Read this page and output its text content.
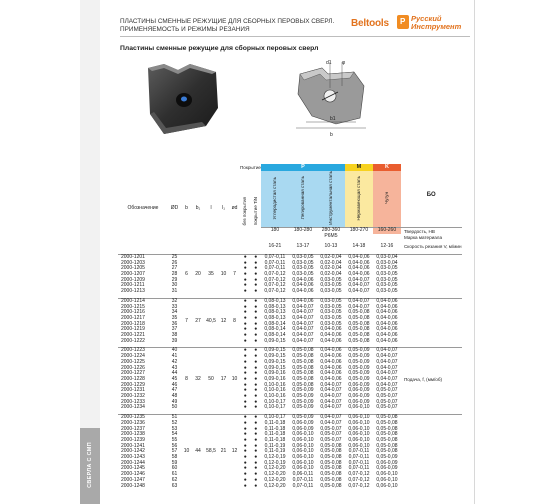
ПЛАСТИНЫ СМЕННЫЕ РЕЖУЩИЕ ДЛЯ СБОРНЫХ ПЕРОВЫХ СВЕРЛ.
ПРИМЕНЯЕМОСТЬ И РЕЖИМЫ РЕЗАНИЯ
Beltools Р Русский
Инструмент
Пластины сменные режущие для сборных перовых сверл
d1 φ
b1
b
Обозначение	ØD	b	b₁	l	l₁	ød	Покрытие		P			M	K	БО
							без покрытия	покрытие TiN	Углеродистая сталь	Легированная сталь	Инструментальная сталь	Нержавеющая сталь	Чугун	
									180	180-280	280-360	180-270	160-260	Твердость, НВ
									Р6М5					Марка материала
									16-21	13-17	10-13	14-18	12-16	Скорость резания V, м/мин
2000-1201	25	6	20	35	10	7	●	●	0,07-0,11	0,03-0,05	0,02-0,04	0,04-0,06	0,03-0,04	
2000-1203	26						●	●	0,07-0,11	0,03-0,05	0,02-0,04	0,04-0,06	0,03-0,04	
2000-1205	27						●	●	0,07-0,11	0,03-0,05	0,02-0,04	0,04-0,06	0,03-0,05	
2000-1207	28						●	●	0,07-0,12	0,03-0,05	0,02-0,04	0,04-0,06	0,03-0,05	
2000-1209	29						●	●	0,07-0,12	0,04-0,06	0,03-0,05	0,04-0,07	0,03-0,05	
2000-1211	30						●	●	0,07-0,12	0,04-0,06	0,03-0,05	0,04-0,07	0,03-0,05	
2000-1213	31						●	●	0,07-0,12	0,04-0,06	0,03-0,05	0,04-0,07	0,03-0,05	

2000-1214	32	7	27	40,5	12	8	●	●	0,08-0,13	0,04-0,06	0,03-0,05	0,04-0,07	0,04-0,06	
2000-1215	33						●	●	0,08-0,13	0,04-0,07	0,03-0,05	0,04-0,07	0,04-0,06	
2000-1216	34						●	●	0,08-0,13	0,04-0,07	0,03-0,05	0,05-0,08	0,04-0,06	
2000-1217	35						●	●	0,08-0,13	0,04-0,07	0,03-0,05	0,05-0,08	0,04-0,06	
2000-1218	36						●	●	0,08-0,14	0,04-0,07	0,03-0,05	0,05-0,08	0,04-0,06	
2000-1219	37						●	●	0,08-0,14	0,04-0,07	0,04-0,06	0,05-0,08	0,04-0,06	
2000-1221	38						●	●	0,08-0,14	0,04-0,07	0,04-0,06	0,05-0,08	0,04-0,06	
2000-1222	39						●	●	0,09-0,15	0,04-0,07	0,04-0,06	0,05-0,08	0,04-0,06	

2000-1223	40	8	32	50	17	10	●	●	0,09-0,15	0,05-0,08	0,04-0,06	0,05-0,09	0,04-0,07	Подача, f, (мм/об)
2000-1224	41						●	●	0,09-0,15	0,05-0,08	0,04-0,06	0,05-0,09	0,04-0,07	
2000-1225	42						●	●	0,09-0,15	0,05-0,08	0,04-0,06	0,05-0,09	0,04-0,07	
2000-1226	43						●	●	0,09-0,15	0,05-0,08	0,04-0,06	0,05-0,09	0,04-0,07	
2000-1227	44						●	●	0,09-0,16	0,05-0,08	0,04-0,06	0,05-0,09	0,04-0,07	
2000-1228	45						●	●	0,09-0,16	0,05-0,08	0,04-0,06	0,05-0,09	0,04-0,07	
2000-1229	46						●	●	0,10-0,16	0,05-0,08	0,04-0,07	0,06-0,09	0,04-0,07	
2000-1231	47						●	●	0,10-0,16	0,05-0,09	0,04-0,07	0,06-0,09	0,05-0,07	
2000-1232	48						●	●	0,10-0,16	0,05-0,09	0,04-0,07	0,06-0,09	0,05-0,07	
2000-1233	49						●	●	0,10-0,17	0,05-0,09	0,04-0,07	0,06-0,09	0,05-0,07	
2000-1234	50						●	●	0,10-0,17	0,05-0,09	0,04-0,07	0,06-0,10	0,05-0,07	

2000-1235	51	10	44	58,5	21	12	●	●	0,10-0,17	0,05-0,09	0,04-0,07	0,06-0,10	0,05-0,08	
2000-1236	52						●	●	0,11-0,18	0,06-0,09	0,04-0,07	0,06-0,10	0,05-0,08	
2000-1237	53						●	●	0,11-0,18	0,06-0,09	0,05-0,07	0,06-0,10	0,05-0,08	
2000-1238	54						●	●	0,11-0,18	0,06-0,10	0,05-0,07	0,06-0,10	0,05-0,08	
2000-1239	55						●	●	0,11-0,18	0,06-0,10	0,05-0,07	0,06-0,10	0,05-0,08	
2000-1241	56						●	●	0,11-0,19	0,06-0,10	0,05-0,08	0,06-0,10	0,05-0,08	
2000-1242	57						●	●	0,11-0,19	0,06-0,10	0,05-0,08	0,07-0,11	0,05-0,08	
2000-1243	58						●	●	0,12-0,19	0,06-0,10	0,05-0,08	0,07-0,11	0,05-0,09	
2000-1244	59						●	●	0,12-0,19	0,06-0,10	0,05-0,08	0,07-0,11	0,06-0,09	
2000-1245	60						●	●	0,12-0,20	0,06-0,10	0,05-0,08	0,07-0,11	0,06-0,09	
2000-1246	61						●	●	0,12-0,20	0,06-0,11	0,05-0,08	0,07-0,12	0,06-0,10	
2000-1247	62						●	●	0,12-0,20	0,07-0,11	0,05-0,08	0,07-0,12	0,06-0,10	
2000-1248	63						●	●	0,12-0,20	0,07-0,11	0,05-0,08	0,07-0,12	0,06-0,10	
СВЕРЛА С СМП
